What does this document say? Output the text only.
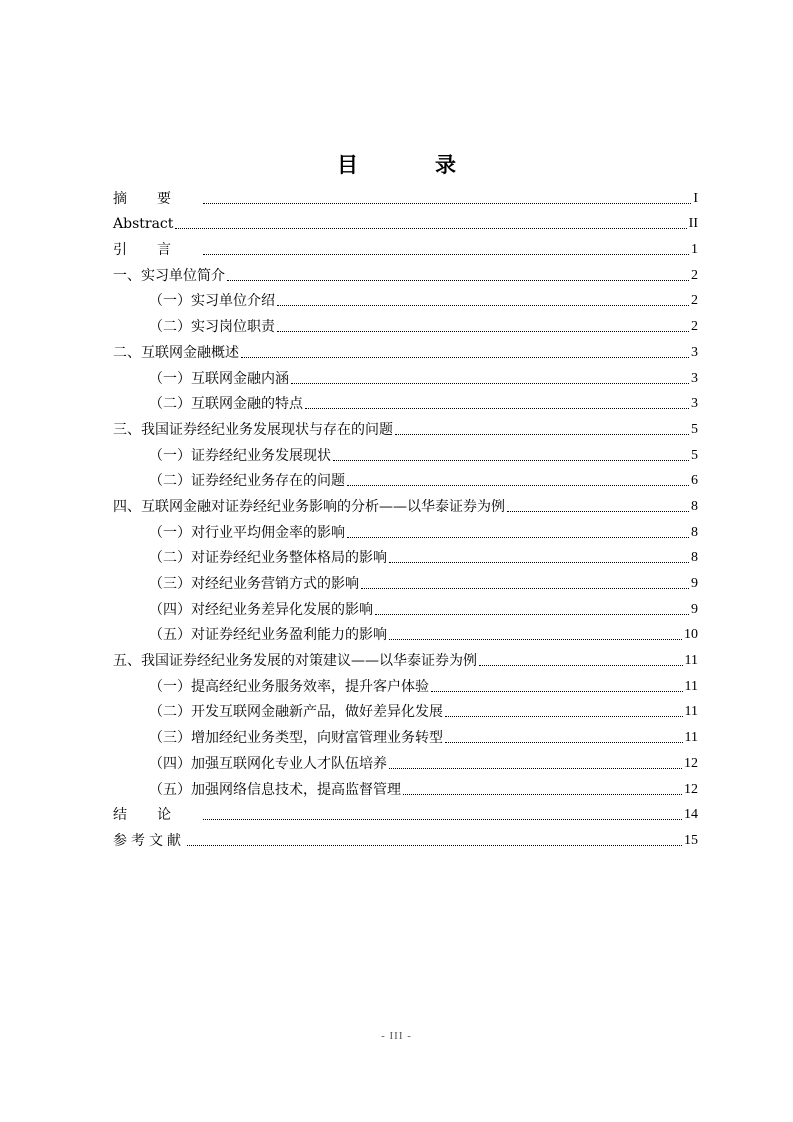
目　录
摘要	I
Abstract	II
引言	1
一、实习单位简介	2
（一）实习单位介绍	2
（二）实习岗位职责	2
二、互联网金融概述	3
（一）互联网金融内涵	3
（二）互联网金融的特点	3
三、我国证券经纪业务发展现状与存在的问题	5
（一）证券经纪业务发展现状	5
（二）证券经纪业务存在的问题	6
四、互联网金融对证券经纪业务影响的分析——以华泰证券为例	8
（一）对行业平均佣金率的影响	8
（二）对证券经纪业务整体格局的影响	8
（三）对经纪业务营销方式的影响	9
（四）对经纪业务差异化发展的影响	9
（五）对证券经纪业务盈利能力的影响	10
五、我国证券经纪业务发展的对策建议——以华泰证券为例	11
（一）提高经纪业务服务效率，提升客户体验	11
（二）开发互联网金融新产品，做好差异化发展	11
（三）增加经纪业务类型，向财富管理业务转型	11
（四）加强互联网化专业人才队伍培养	12
（五）加强网络信息技术，提高监督管理	12
结论	14
参考文献	15
- III -
